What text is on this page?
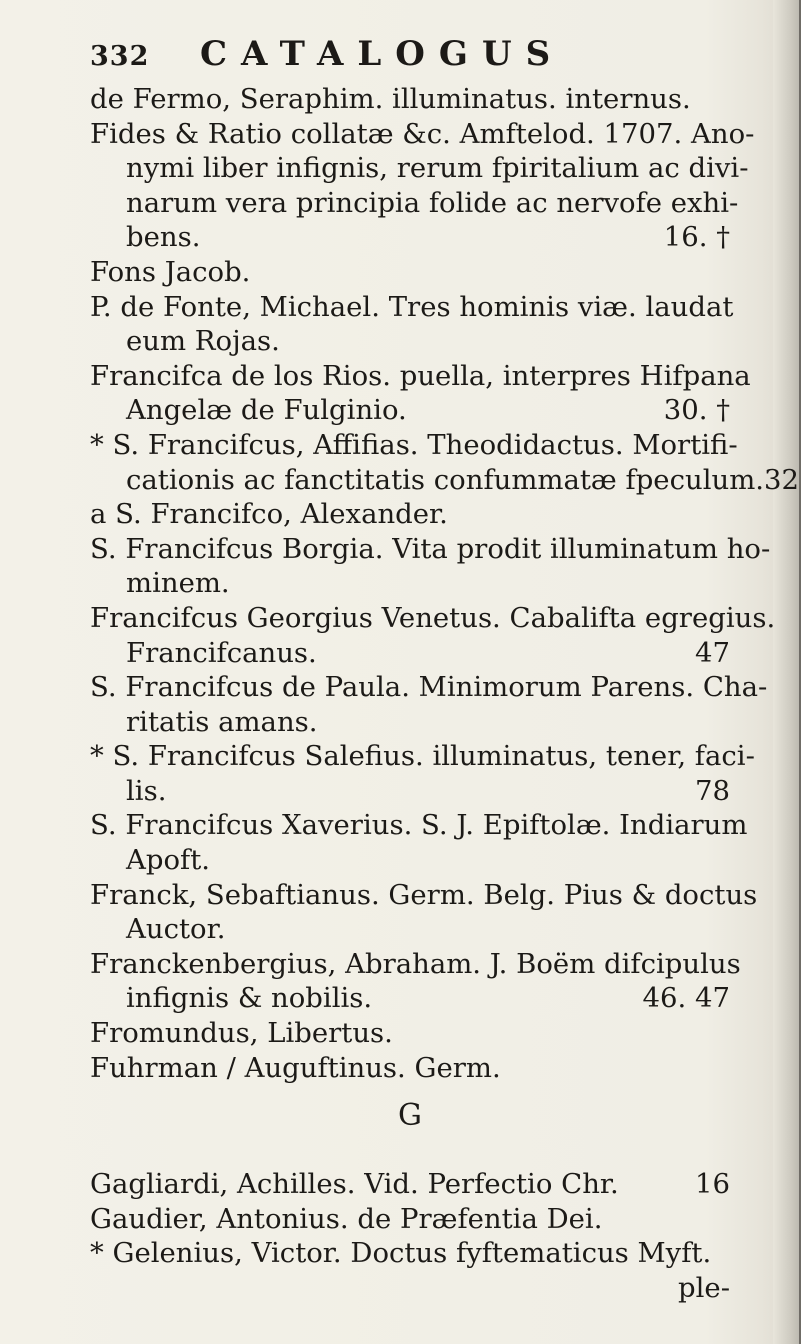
332	CATALOGUS
de Fermo, Seraphim. illuminatus. internus.
Fides & Ratio collatæ &c. Amftelod. 1707. Ano-
nymi liber infignis, rerum fpiritalium ac divi-
narum vera principia folide ac nervofe exhi-
bens.	16. †
Fons Jacob.
P. de Fonte, Michael. Tres hominis viæ. laudat
eum Rojas.
Francifca de los Rios. puella, interpres Hifpana
Angelæ de Fulginio.	30. †
* S. Francifcus, Affifias. Theodidactus. Mortifi-
cationis ac fanctitatis confummatæ fpeculum.32
a S. Francifco, Alexander.
S. Francifcus Borgia. Vita prodit illuminatum ho-
minem.
Francifcus Georgius Venetus. Cabalifta egregius.
Francifcanus.	47
S. Francifcus de Paula. Minimorum Parens. Cha-
ritatis amans.
* S. Francifcus Salefius. illuminatus, tener, faci-
lis.	78
S. Francifcus Xaverius. S. J. Epiftolæ. Indiarum
Apoft.
Franck, Sebaftianus. Germ. Belg. Pius & doctus
Auctor.
Franckenbergius, Abraham. J. Boëm difcipulus
infignis & nobilis.	46. 47
Fromundus, Libertus.
Fuhrman / Auguftinus. Germ.
G
Gagliardi, Achilles. Vid. Perfectio Chr.	16
Gaudier, Antonius. de Præfentia Dei.
* Gelenius, Victor. Doctus fyftematicus Myft.
ple-
